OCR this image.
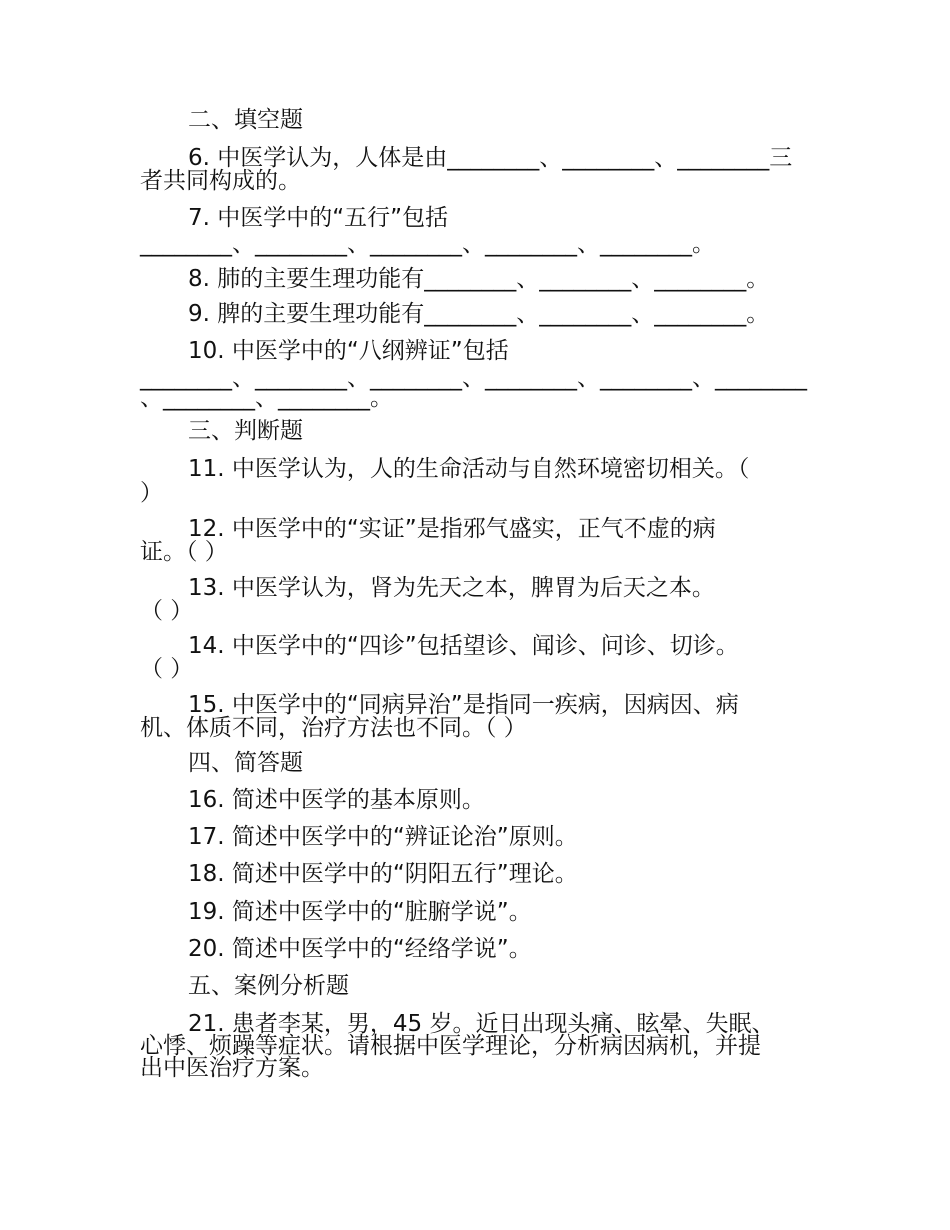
二、填空题
6. 中医学认为，人体是由________、________、________三
者共同构成的。
7. 中医学中的“五行”包括
________、________、________、________、________。
8. 肺的主要生理功能有________、________、________。
9. 脾的主要生理功能有________、________、________。
10. 中医学中的“八纲辨证”包括
________、________、________、________、________、________
、________、________。
三、判断题
11. 中医学认为，人的生命活动与自然环境密切相关。（
）
12. 中医学中的“实证”是指邪气盛实，正气不虚的病
证。（ ）
13. 中医学认为，肾为先天之本，脾胃为后天之本。
（ ）
14. 中医学中的“四诊”包括望诊、闻诊、问诊、切诊。
（ ）
15. 中医学中的“同病异治”是指同一疾病，因病因、病
机、体质不同，治疗方法也不同。（ ）
四、简答题
16. 简述中医学的基本原则。
17. 简述中医学中的“辨证论治”原则。
18. 简述中医学中的“阴阳五行”理论。
19. 简述中医学中的“脏腑学说”。
20. 简述中医学中的“经络学说”。
五、案例分析题
21. 患者李某，男，45 岁。近日出现头痛、眩晕、失眠、
心悸、烦躁等症状。请根据中医学理论，分析病因病机，并提
出中医治疗方案。
